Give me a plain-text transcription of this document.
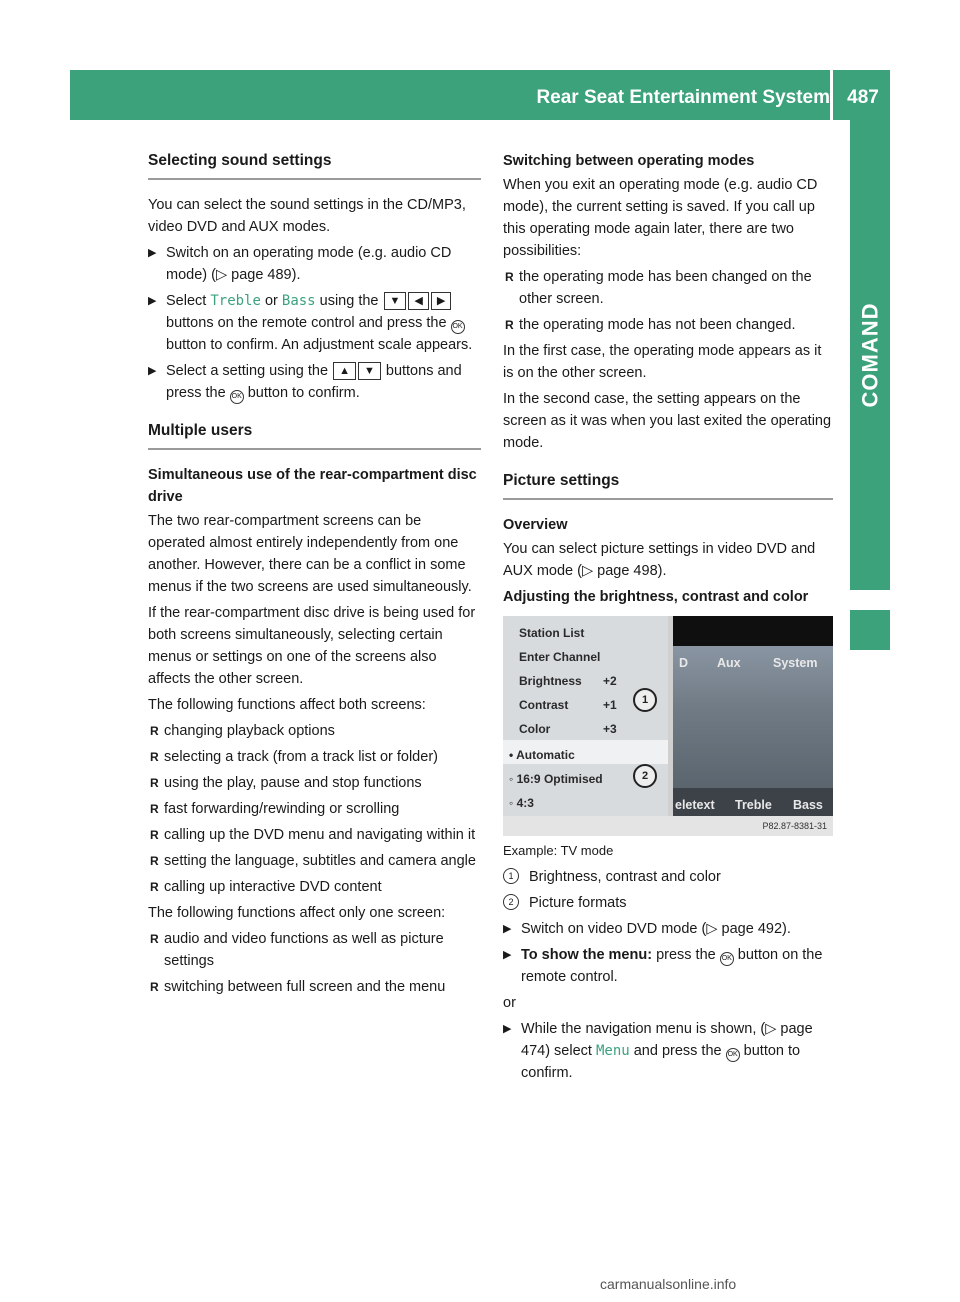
Rear Seat Entertainment System 487
COMAND
Selecting sound settings

You can select the sound settings in the CD/MP3, video DVD and AUX modes.

▶ Switch on an operating mode (e.g. audio CD mode) (▷ page 489).
▶ Select Treble or Bass using the ▼ ◀ ▶ buttons on the remote control and press the OK button to confirm. An adjustment scale appears.
▶ Select a setting using the ▲ ▼ buttons and press the OK button to confirm.
Multiple users
Simultaneous use of the rear-compartment disc drive

The two rear-compartment screens can be operated almost entirely independently from one another. However, there can be a conflict in some menus if the two screens are used simultaneously.

If the rear-compartment disc drive is being used for both screens simultaneously, selecting certain menus or settings on one of the screens also affects the other screen.

The following functions affect both screens:

R changing playback options
R selecting a track (from a track list or folder)
R using the play, pause and stop functions
R fast forwarding/rewinding or scrolling
R calling up the DVD menu and navigating within it
R setting the language, subtitles and camera angle
R calling up interactive DVD content

The following functions affect only one screen:

R audio and video functions as well as picture settings
R switching between full screen and the menu
Switching between operating modes

When you exit an operating mode (e.g. audio CD mode), the current setting is saved. If you call up this operating mode again later, there are two possibilities:

R the operating mode has been changed on the other screen.
R the operating mode has not been changed.

In the first case, the operating mode appears as it is on the other screen.

In the second case, the setting appears on the screen as it was when you last exited the operating mode.

Picture settings
Overview

You can select picture settings in video DVD and AUX mode (▷ page 498).

Adjusting the brightness, contrast and color
D Aux	System
eletext Treble Bass
Station List
Enter Channel
Brightness +2
Contrast	+1
Color	+3
• Automatic
◦ 16:9 Optimised
◦ 4:3
1
2
P82.87-8381-31

Example: TV mode

1	Brightness, contrast and color
2	Picture formats
▶ Switch on video DVD mode (▷ page 492).
▶ To show the menu: press the OK button on the remote control.

or

▶ While the navigation menu is shown, (▷ page 474) select Menu and press the OK button to confirm.
carmanualsonline.info
